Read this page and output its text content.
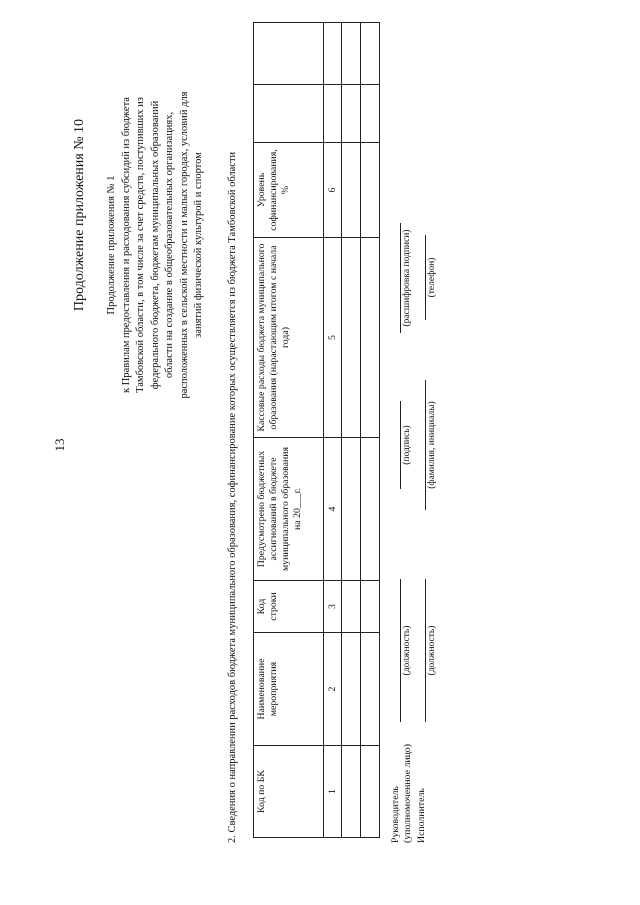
13
Продолжение приложения № 10 Продолжение приложения № 1 к Правилам предоставления и расходования субсидий из бюджета Тамбовской области, в том числе за счет средств, поступивших из федерального бюджета, бюджетам муниципальных образований области на создание в общеобразовательных организациях, расположенных в сельской местности и малых городах, условий для занятий физической культурой и спортом 2. Сведения о направлении расходов бюджета муниципального образования, софинансирование которых осуществляется из бюджета Тамбовской области Код по БК	Наименование мероприятия	Код строки	Предусмотрено бюджетных ассигнований в бюджете муниципального образования на 20___г.	Кассовые расходы бюджета муниципального образования (нарастающим итогом с начала года)	Уровень софинансирования, %		
1	2	3	4	5	6		

Руководитель (уполномоченное лицо) Исполнитель
(должность)
(подпись)
(расшифровка подписи)
(должность)
(фамилия, инициалы)
(телефон)
